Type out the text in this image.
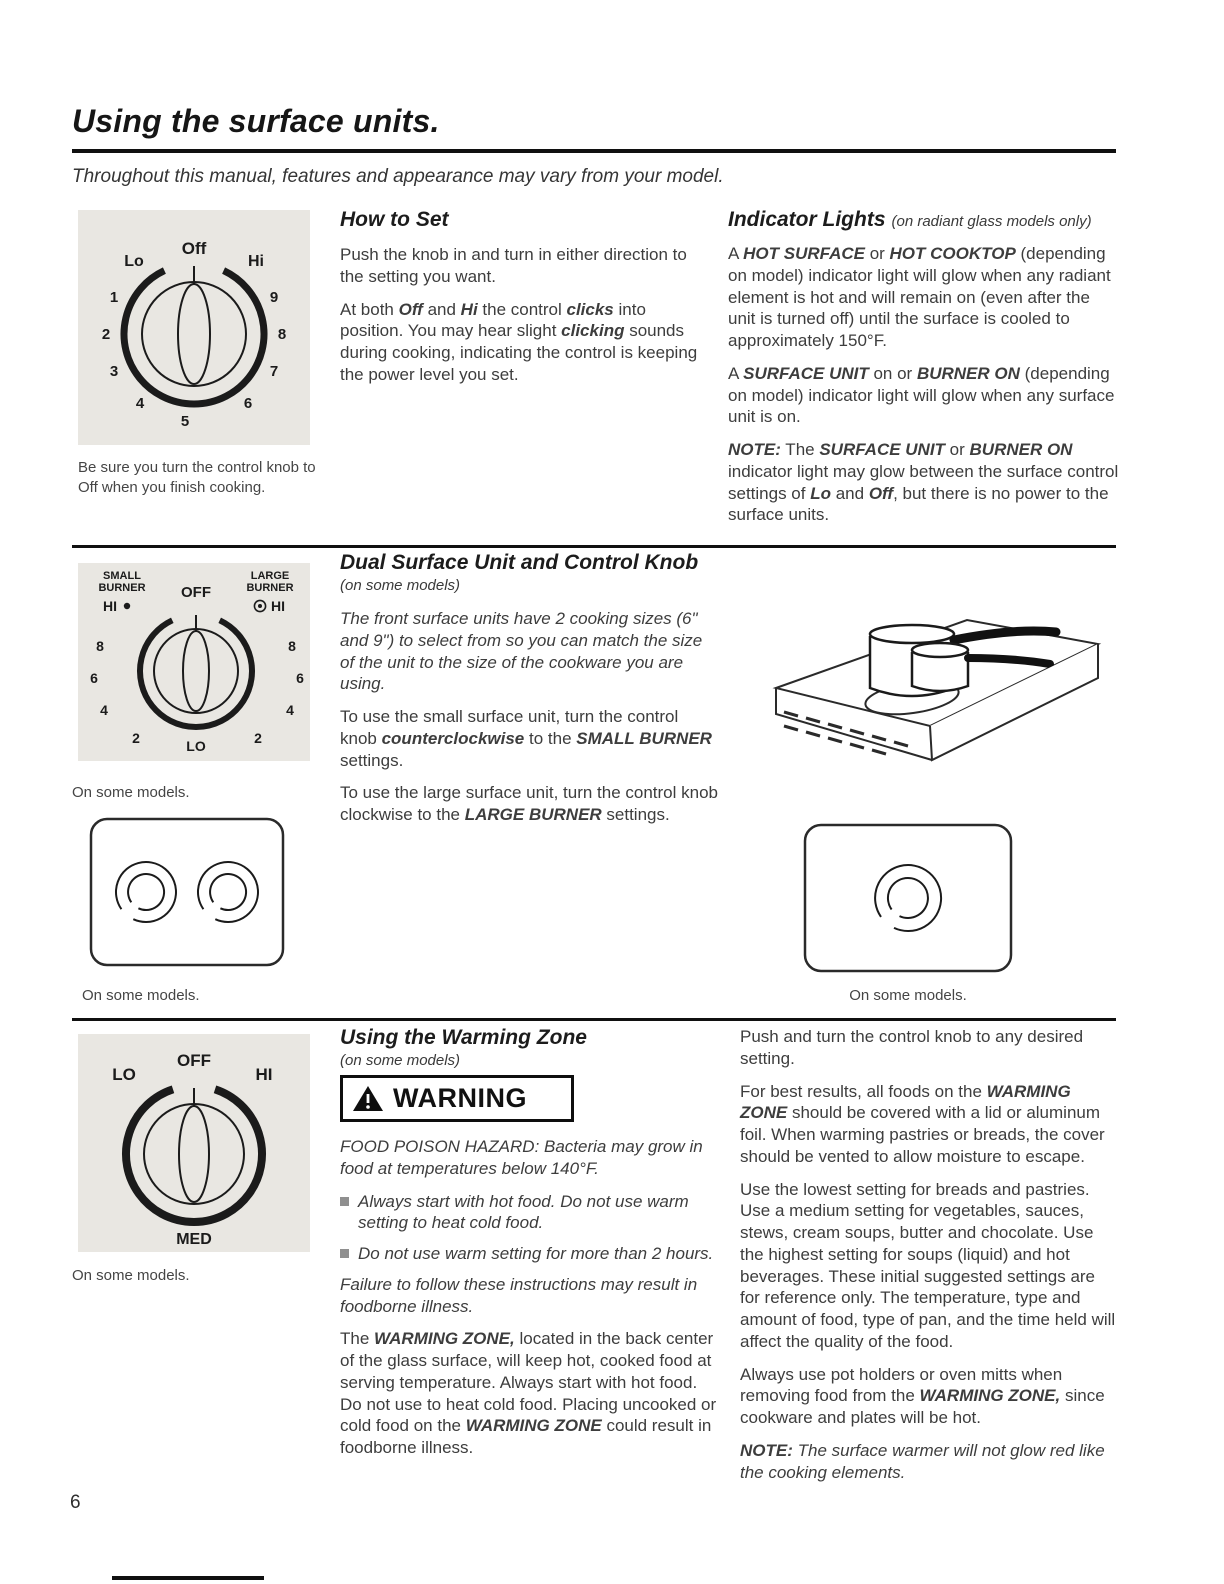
Using the surface units.
Throughout this manual, features and appearance may vary from your model.
Off
Lo	Hi
1
2
3
4
5
6
7
8
9
Be sure you turn the control knob to Off when you finish cooking.
How to Set

Push the knob in and turn in either direction to the setting you want.

At both Off and Hi the control clicks into position. You may hear slight clicking sounds during cooking, indicating the control is keeping the power level you set.

Indicator Lights (on radiant glass models only)

A HOT SURFACE or HOT COOKTOP (depending on model) indicator light will glow when any radiant element is hot and will remain on (even after the unit is turned off) until the surface is cooled to approximately 150°F.

A SURFACE UNIT on or BURNER ON (depending on model) indicator light will glow when any surface unit is on.

NOTE: The SURFACE UNIT or BURNER ON indicator light may glow between the surface control settings of Lo and Off, but there is no power to the surface units.

SMALL
BURNER
LARGE
BURNER
OFF
HI	HI
8
6
4
2
8
6
4
2
LO
On some models.
On some models.
Dual Surface Unit and Control Knob
(on some models)

The front surface units have 2 cooking sizes (6" and 9") to select from so you can match the size of the unit to the size of the cookware you are using.

To use the small surface unit, turn the control knob counterclockwise to the SMALL BURNER settings.

To use the large surface unit, turn the control knob clockwise to the LARGE BURNER settings.

On some models.
OFF
LO	HI
MED
On some models.
Using the Warming Zone
(on some models)
WARNING

FOOD POISON HAZARD: Bacteria may grow in food at temperatures below 140°F.

Always start with hot food. Do not use warm setting to heat cold food.
Do not use warm setting for more than 2 hours.

Failure to follow these instructions may result in foodborne illness.

The WARMING ZONE, located in the back center of the glass surface, will keep hot, cooked food at serving temperature. Always start with hot food. Do not use to heat cold food. Placing uncooked or cold food on the WARMING ZONE could result in foodborne illness.

Push and turn the control knob to any desired setting.

For best results, all foods on the WARMING ZONE should be covered with a lid or aluminum foil. When warming pastries or breads, the cover should be vented to allow moisture to escape.

Use the lowest setting for breads and pastries. Use a medium setting for vegetables, sauces, stews, cream soups, butter and chocolate. Use the highest setting for soups (liquid) and hot beverages. These initial suggested settings are for reference only. The temperature, type and amount of food, type of pan, and the time held will affect the quality of the food.

Always use pot holders or oven mitts when removing food from the WARMING ZONE, since cookware and plates will be hot.

NOTE: The surface warmer will not glow red like the cooking elements.

6
